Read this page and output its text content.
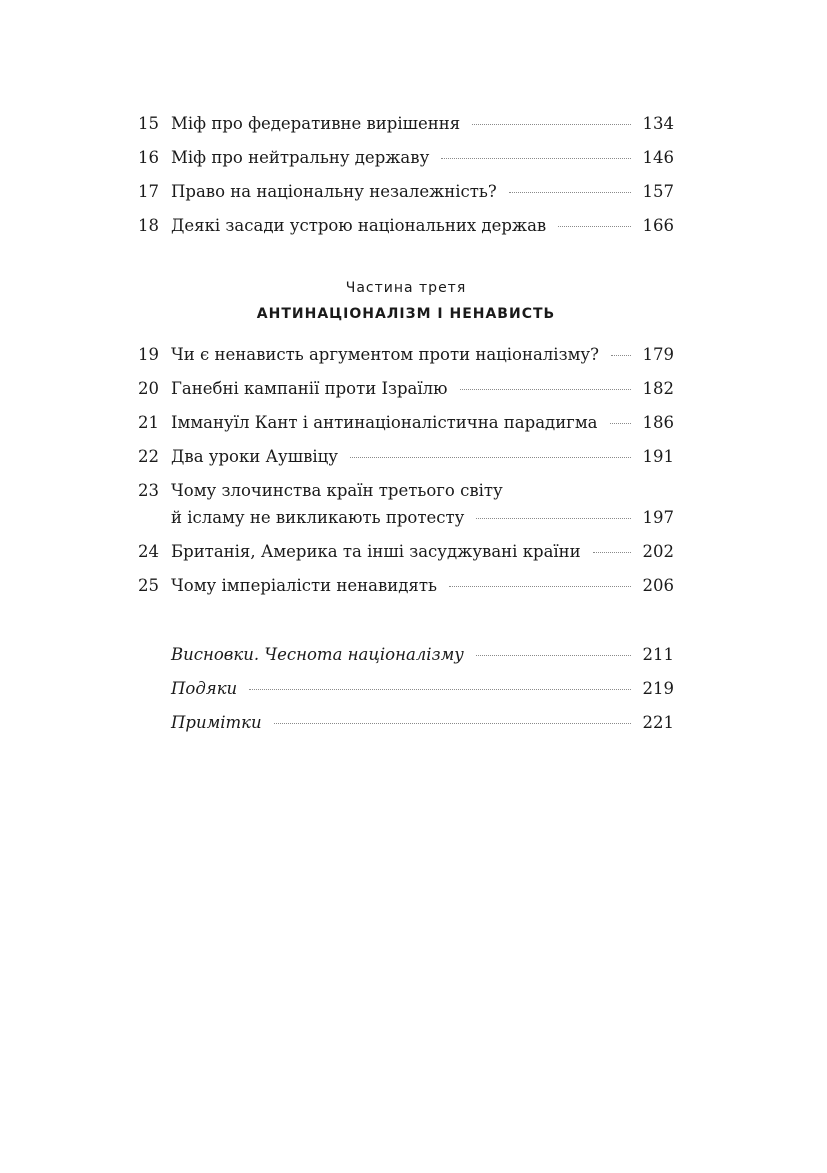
15 Міф про федеративне вирішення	134
16 Міф про нейтральну державу	146
17 Право на національну незалежність?	157
18 Деякі засади устрою національних держав	166
Частина третя
АНТИНАЦІОНАЛІЗМ І НЕНАВИСТЬ
19 Чи є ненависть аргументом проти націоналізму?	179
20 Ганебні кампанії проти Ізраїлю	182
21 Іммануїл Кант і антинаціоналістична парадигма	186
22 Два уроки Аушвіцу	191
23 Чому злочинства країн третього світу
й ісламу не викликають протесту	197
24 Британія, Америка та інші засуджувані країни	202
25 Чому імперіалісти ненавидять	206
Висновки. Чеснота націоналізму	211
Подяки	219
Примітки	221
